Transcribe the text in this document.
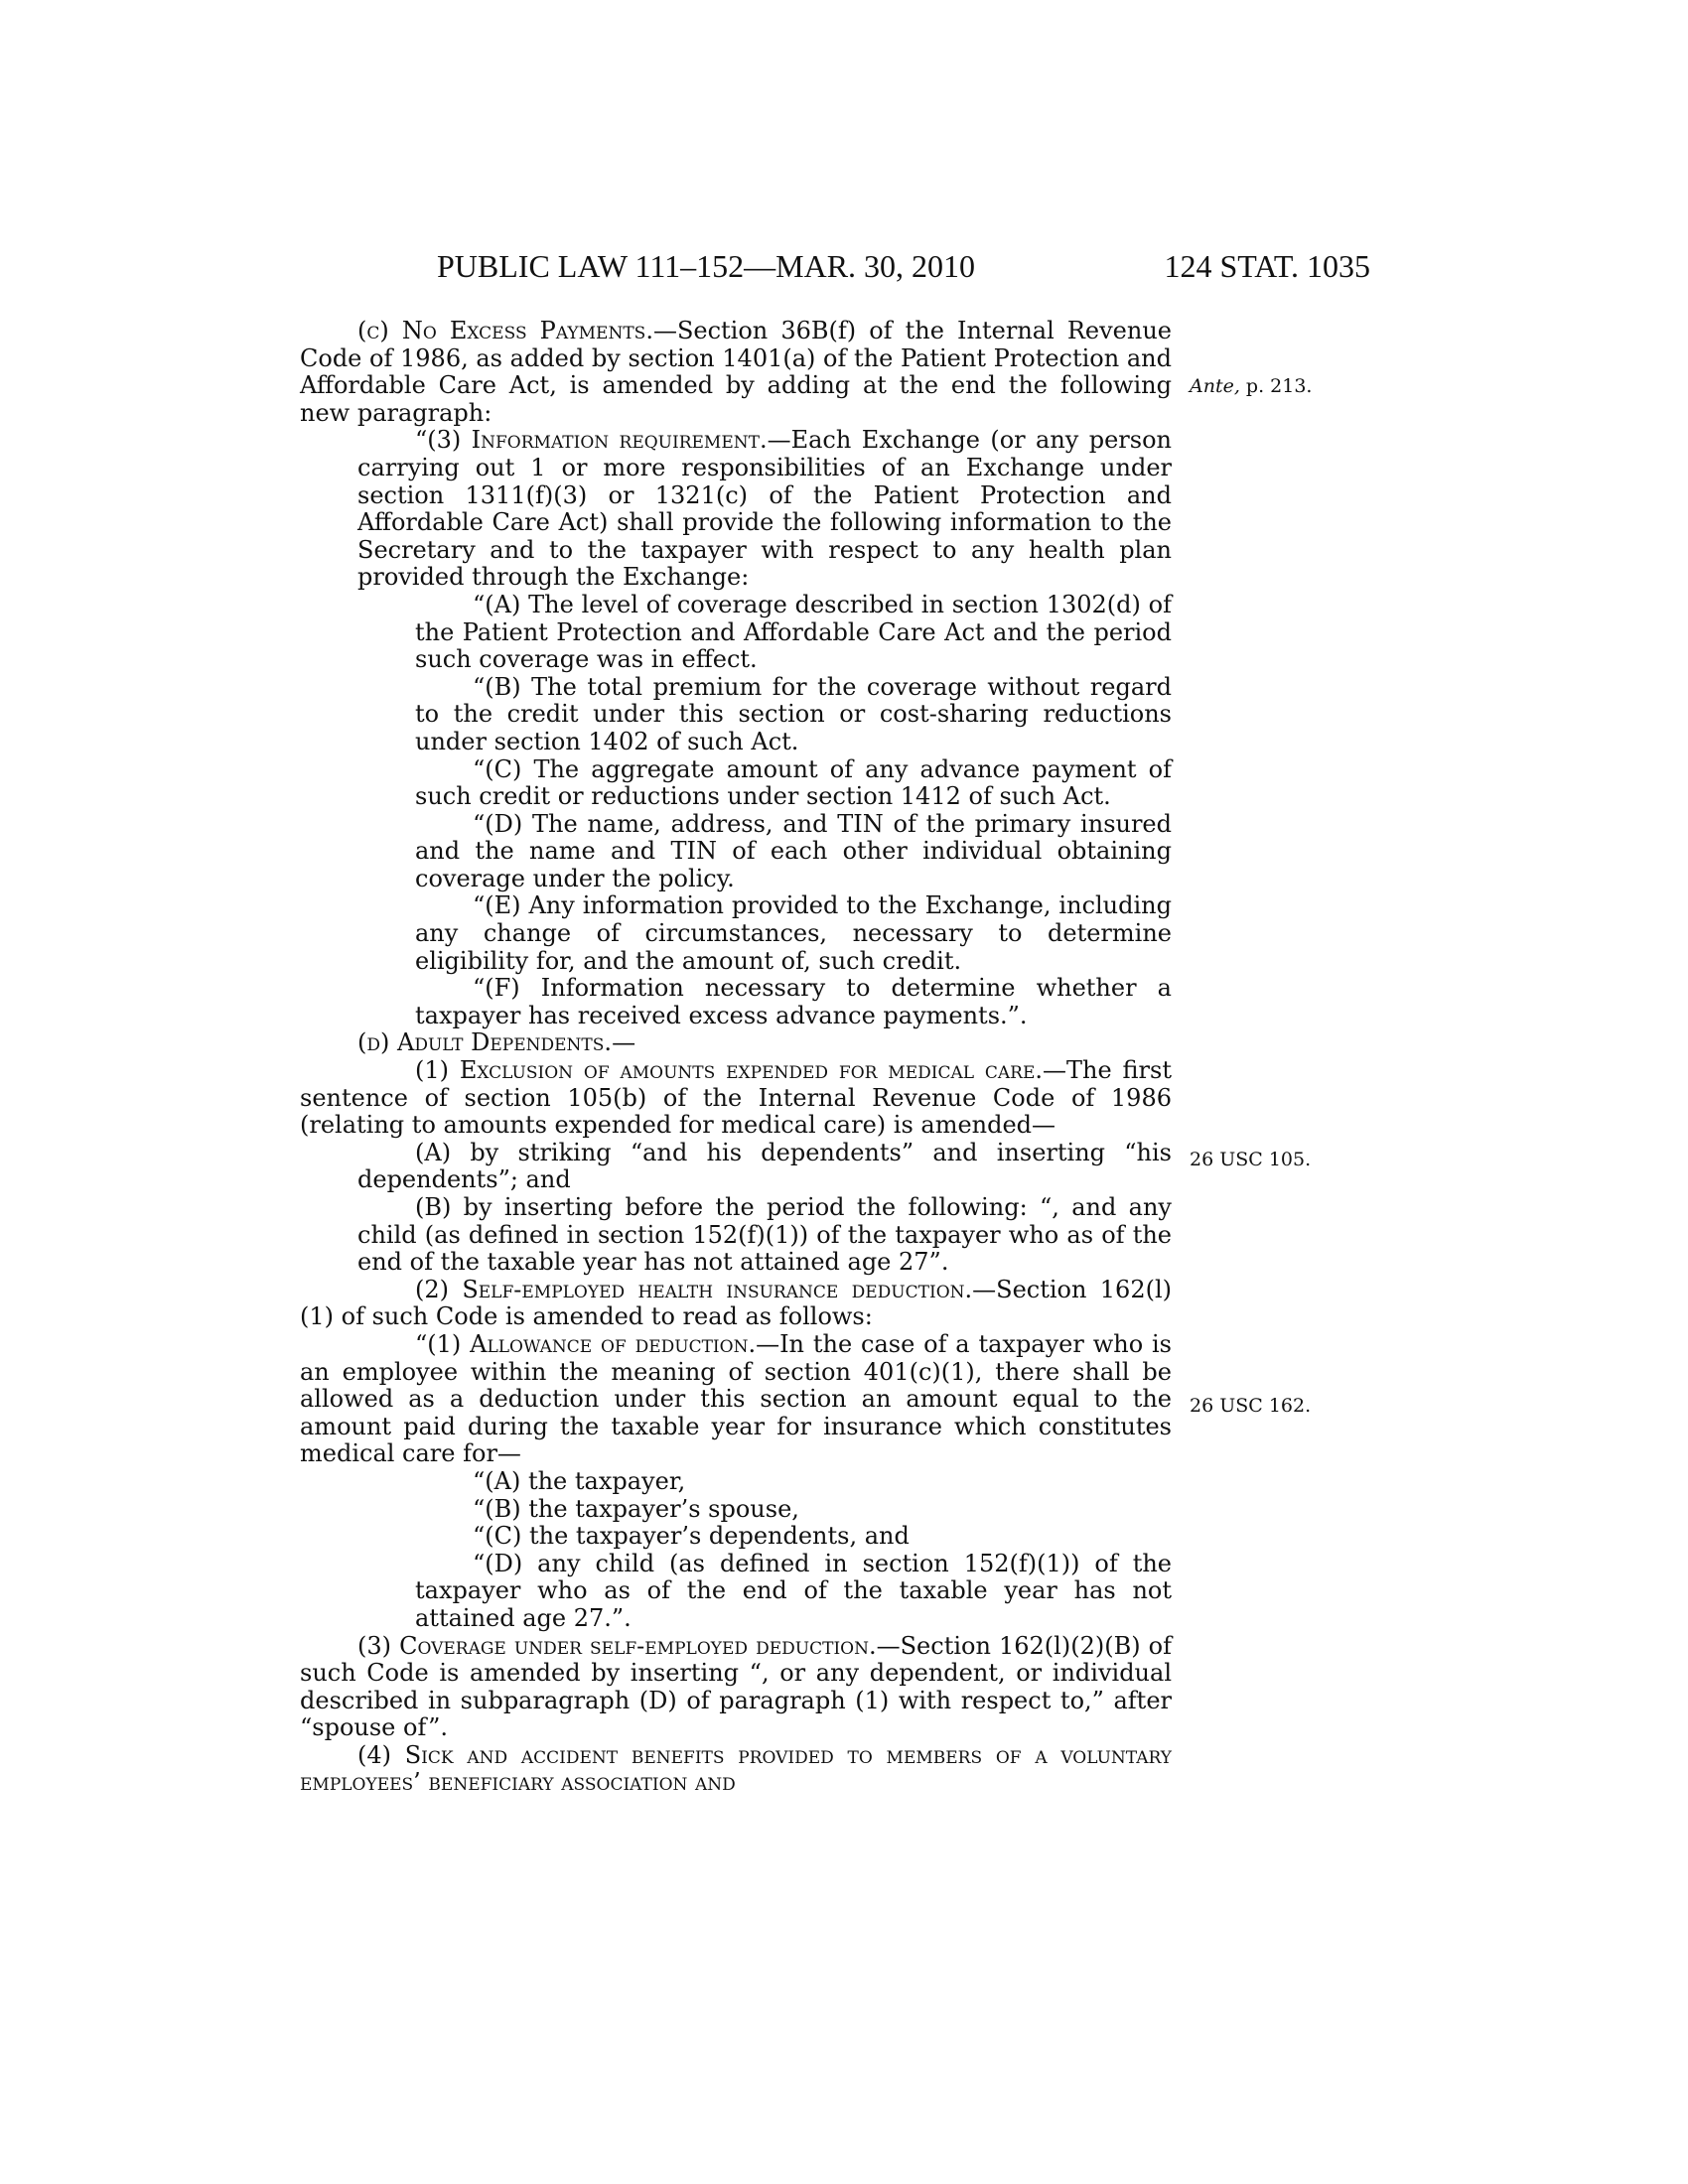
PUBLIC LAW 111–152—MAR. 30, 2010	124 STAT. 1035
Ante, p. 213.
26 USC 105.
26 USC 162.

(c) No Excess Payments.—Section 36B(f) of the Internal Revenue Code of 1986, as added by section 1401(a) of the Patient Protection and Affordable Care Act, is amended by adding at the end the following new paragraph:

“(3) Information requirement.—Each Exchange (or any person carrying out 1 or more responsibilities of an Exchange under section 1311(f)(3) or 1321(c) of the Patient Protection and Affordable Care Act) shall provide the following information to the Secretary and to the taxpayer with respect to any health plan provided through the Exchange:

“(A) The level of coverage described in section 1302(d) of the Patient Protection and Affordable Care Act and the period such coverage was in effect.

“(B) The total premium for the coverage without regard to the credit under this section or cost-sharing reductions under section 1402 of such Act.

“(C) The aggregate amount of any advance payment of such credit or reductions under section 1412 of such Act.

“(D) The name, address, and TIN of the primary insured and the name and TIN of each other individual obtaining coverage under the policy.

“(E) Any information provided to the Exchange, including any change of circumstances, necessary to determine eligibility for, and the amount of, such credit.

“(F) Information necessary to determine whether a taxpayer has received excess advance payments.”.

(d) Adult Dependents.—

(1) Exclusion of amounts expended for medical care.—The first sentence of section 105(b) of the Internal Revenue Code of 1986 (relating to amounts expended for medical care) is amended—

(A) by striking “and his dependents” and inserting “his dependents”; and

(B) by inserting before the period the following: “, and any child (as defined in section 152(f)(1)) of the taxpayer who as of the end of the taxable year has not attained age 27”.

(2) Self-employed health insurance deduction.—Section 162(l)(1) of such Code is amended to read as follows:

“(1) Allowance of deduction.—In the case of a taxpayer who is an employee within the meaning of section 401(c)(1), there shall be allowed as a deduction under this section an amount equal to the amount paid during the taxable year for insurance which constitutes medical care for—

“(A) the taxpayer,

“(B) the taxpayer’s spouse,

“(C) the taxpayer’s dependents, and

“(D) any child (as defined in section 152(f)(1)) of the taxpayer who as of the end of the taxable year has not attained age 27.”.

(3) Coverage under self-employed deduction.—Section 162(l)(2)(B) of such Code is amended by inserting “, or any dependent, or individual described in subparagraph (D) of paragraph (1) with respect to,” after “spouse of”.

(4) Sick and accident benefits provided to members of a voluntary employees’ beneficiary association and
